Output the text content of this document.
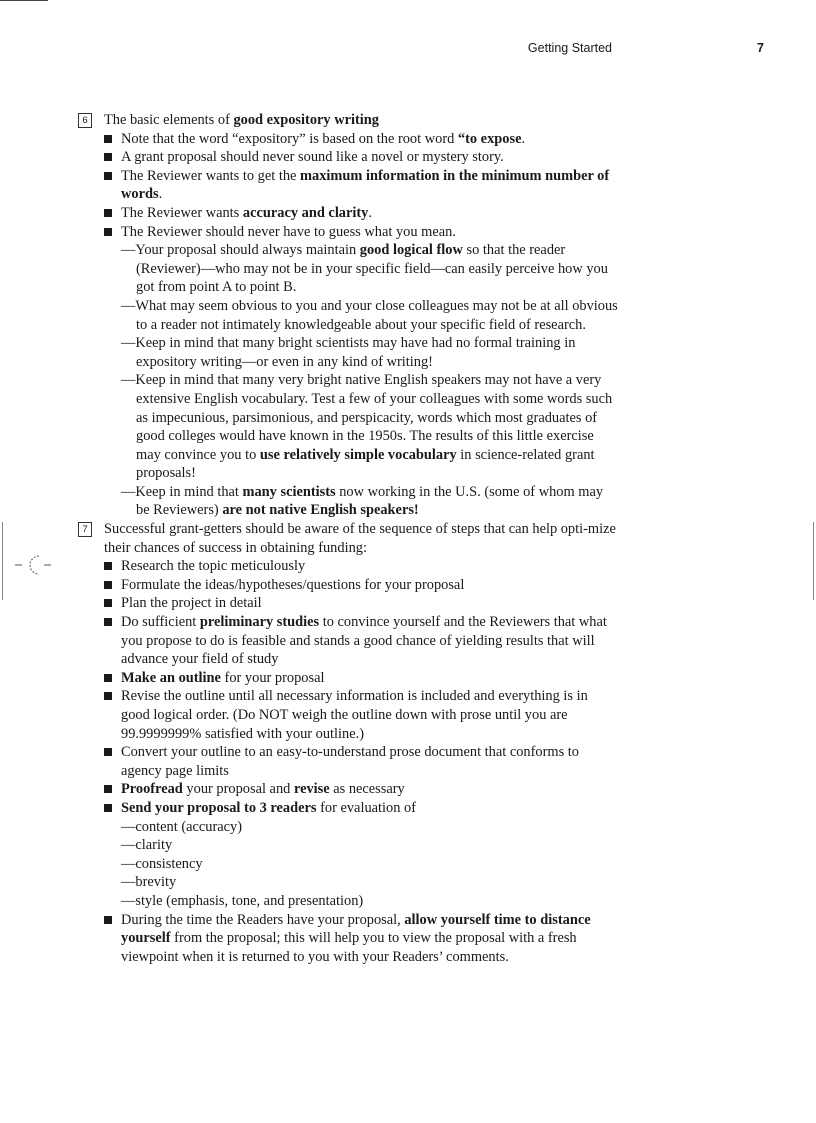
Getting Started	7
6	The basic elements of good expository writing
Note that the word “expository” is based on the root word “to expose.
A grant proposal should never sound like a novel or mystery story.
The Reviewer wants to get the maximum information in the minimum number of words.
The Reviewer wants accuracy and clarity.
The Reviewer should never have to guess what you mean.
—Your proposal should always maintain good logical flow so that the reader (Reviewer)—who may not be in your specific field—can easily perceive how you got from point A to point B.
—What may seem obvious to you and your close colleagues may not be at all obvious to a reader not intimately knowledgeable about your specific field of research.
—Keep in mind that many bright scientists may have had no formal training in expository writing—or even in any kind of writing!
—Keep in mind that many very bright native English speakers may not have a very extensive English vocabulary. Test a few of your colleagues with some words such as impecunious, parsimonious, and perspicacity, words which most graduates of good colleges would have known in the 1950s. The results of this little exercise may convince you to use relatively simple vocabulary in science-related grant proposals!
—Keep in mind that many scientists now working in the U.S. (some of whom may be Reviewers) are not native English speakers!
7	Successful grant-getters should be aware of the sequence of steps that can help opti-mize their chances of success in obtaining funding:
Research the topic meticulously
Formulate the ideas/hypotheses/questions for your proposal
Plan the project in detail
Do sufficient preliminary studies to convince yourself and the Reviewers that what you propose to do is feasible and stands a good chance of yielding results that will advance your field of study
Make an outline for your proposal
Revise the outline until all necessary information is included and everything is in good logical order. (Do NOT weigh the outline down with prose until you are 99.9999999% satisfied with your outline.)
Convert your outline to an easy-to-understand prose document that conforms to agency page limits
Proofread your proposal and revise as necessary
Send your proposal to 3 readers for evaluation of
—content (accuracy)
—clarity
—consistency
—brevity
—style (emphasis, tone, and presentation)
During the time the Readers have your proposal, allow yourself time to distance yourself from the proposal; this will help you to view the proposal with a fresh viewpoint when it is returned to you with your Readers’ comments.
